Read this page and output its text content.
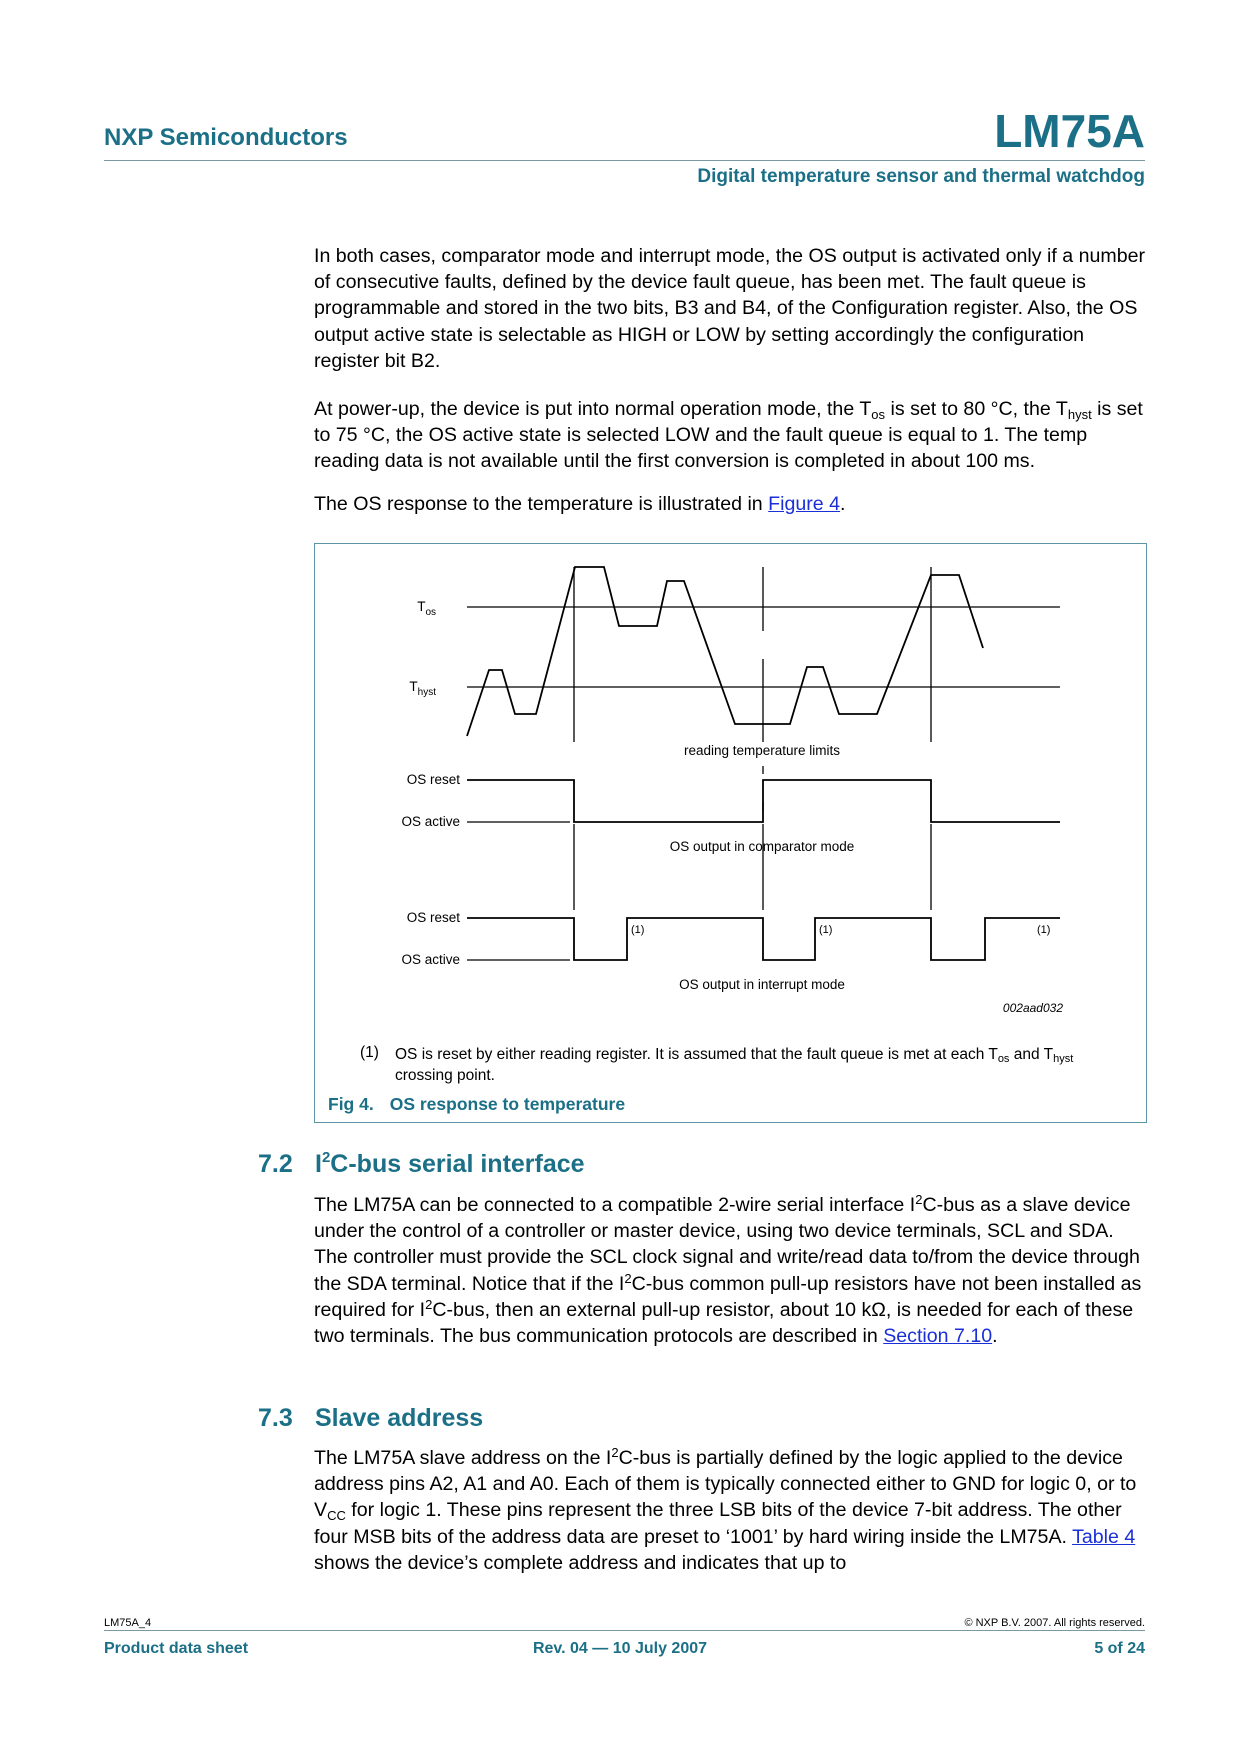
NXP Semiconductors	LM75A
Digital temperature sensor and thermal watchdog
In both cases, comparator mode and interrupt mode, the OS output is activated only if a number of consecutive faults, defined by the device fault queue, has been met. The fault queue is programmable and stored in the two bits, B3 and B4, of the Configuration register. Also, the OS output active state is selectable as HIGH or LOW by setting accordingly the configuration register bit B2.
At power-up, the device is put into normal operation mode, the $T_{os}$ is set to 80 °C, the $T_{hyst}$ is set to 75 °C, the OS active state is selected LOW and the fault queue is equal to 1. The temp reading data is not available until the first conversion is completed in about 100 ms.
The OS response to the temperature is illustrated in Figure 4.
$T_{os}$
$T_{hyst}$
reading temperature limits
OS reset
OS active
OS output in comparator mode
OS reset
OS active
OS output in interrupt mode
(1)	(1)	(1)
002aad032
(1) OS is reset by either reading register. It is assumed that the fault queue is met at each $T_{os}$ and $T_{hyst}$ crossing point.
Fig 4. OS response to temperature
7.2 $I^2C$-bus serial interface
The LM75A can be connected to a compatible 2-wire serial interface $I^2C$-bus as a slave device under the control of a controller or master device, using two device terminals, SCL and SDA. The controller must provide the SCL clock signal and write/read data to/from the device through the SDA terminal. Notice that if the $I^2C$-bus common pull-up resistors have not been installed as required for $I^2C$-bus, then an external pull-up resistor, about 10 kΩ, is needed for each of these two terminals. The bus communication protocols are described in Section 7.10.
7.3 Slave address
The LM75A slave address on the $I^2C$-bus is partially defined by the logic applied to the device address pins A2, A1 and A0. Each of them is typically connected either to GND for logic 0, or to $V_{CC}$ for logic 1. These pins represent the three LSB bits of the device 7-bit address. The other four MSB bits of the address data are preset to ‘1001’ by hard wiring inside the LM75A. Table 4 shows the device’s complete address and indicates that up to
LM75A_4	© NXP B.V. 2007. All rights reserved.
Product data sheet	Rev. 04 — 10 July 2007	5 of 24
